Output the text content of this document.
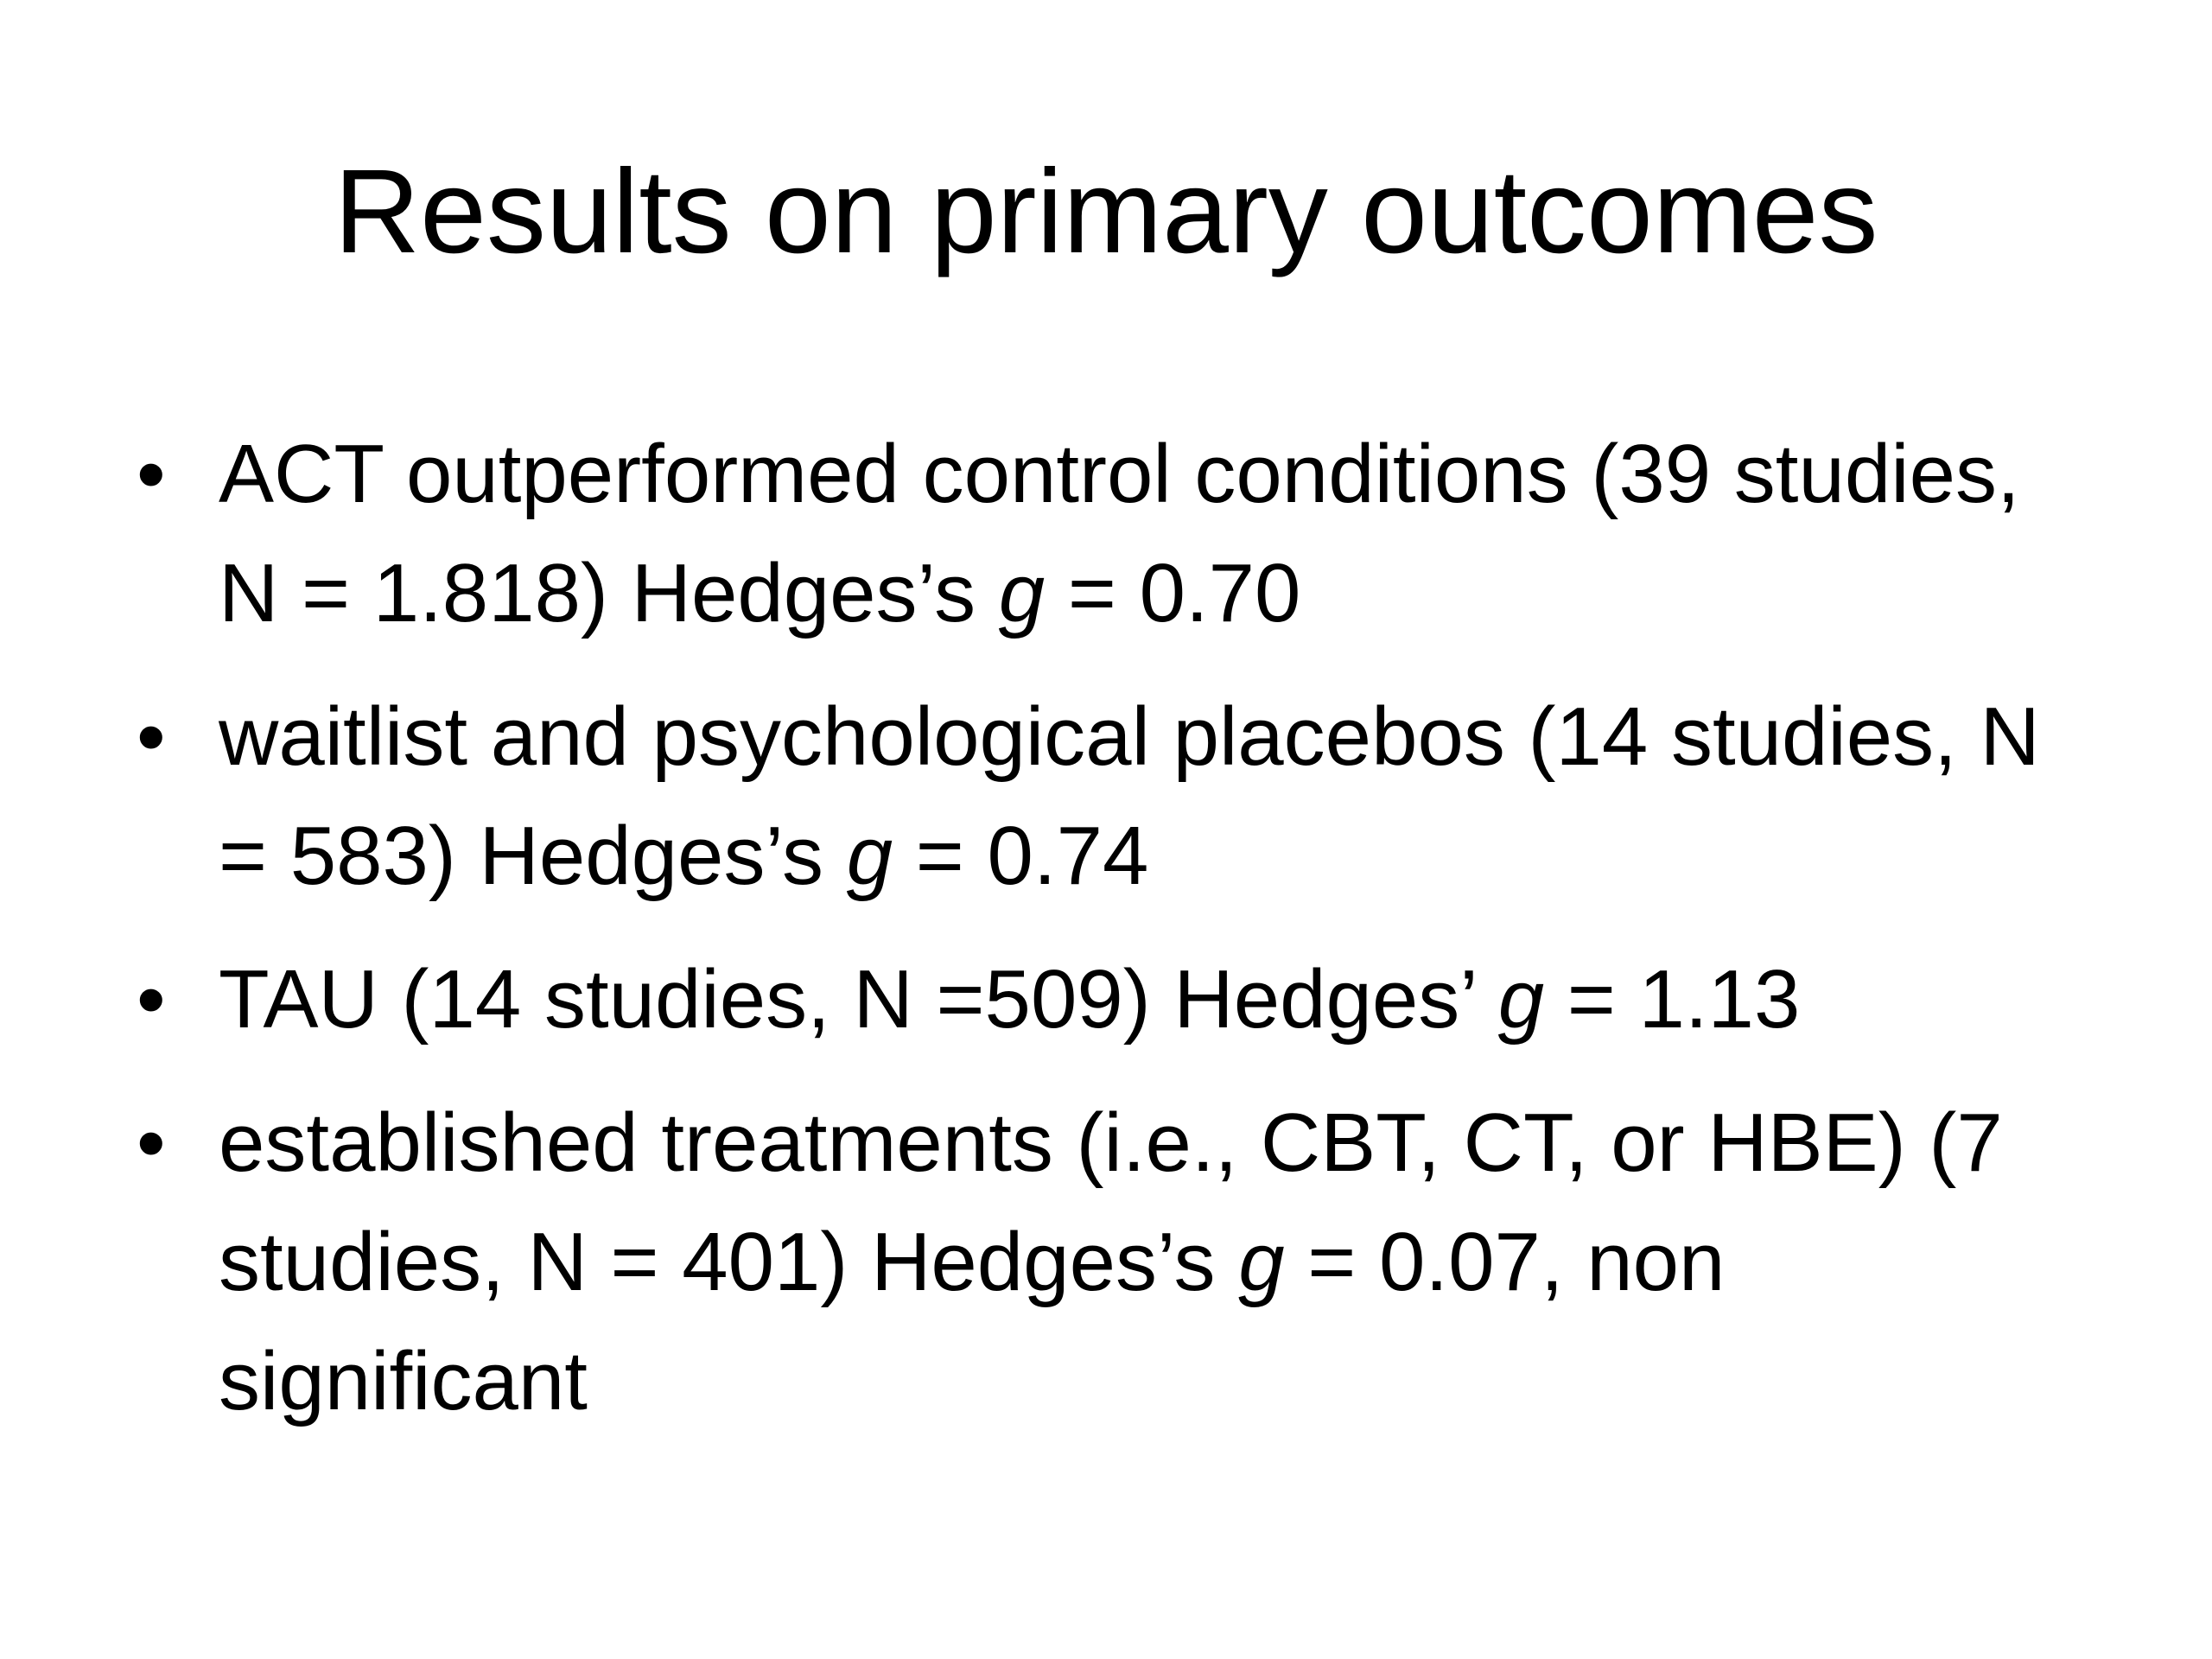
Results on primary outcomes
• ACT outperformed control conditions (39 studies, N = 1.818) Hedges’s g = 0.70
• waitlist and psychological placebos (14 studies, N = 583) Hedges’s g = 0.74
• TAU (14 studies, N =509) Hedges’ g = 1.13
• established treatments (i.e., CBT, CT, or HBE) (7 studies, N = 401) Hedges’s g = 0.07, non significant
